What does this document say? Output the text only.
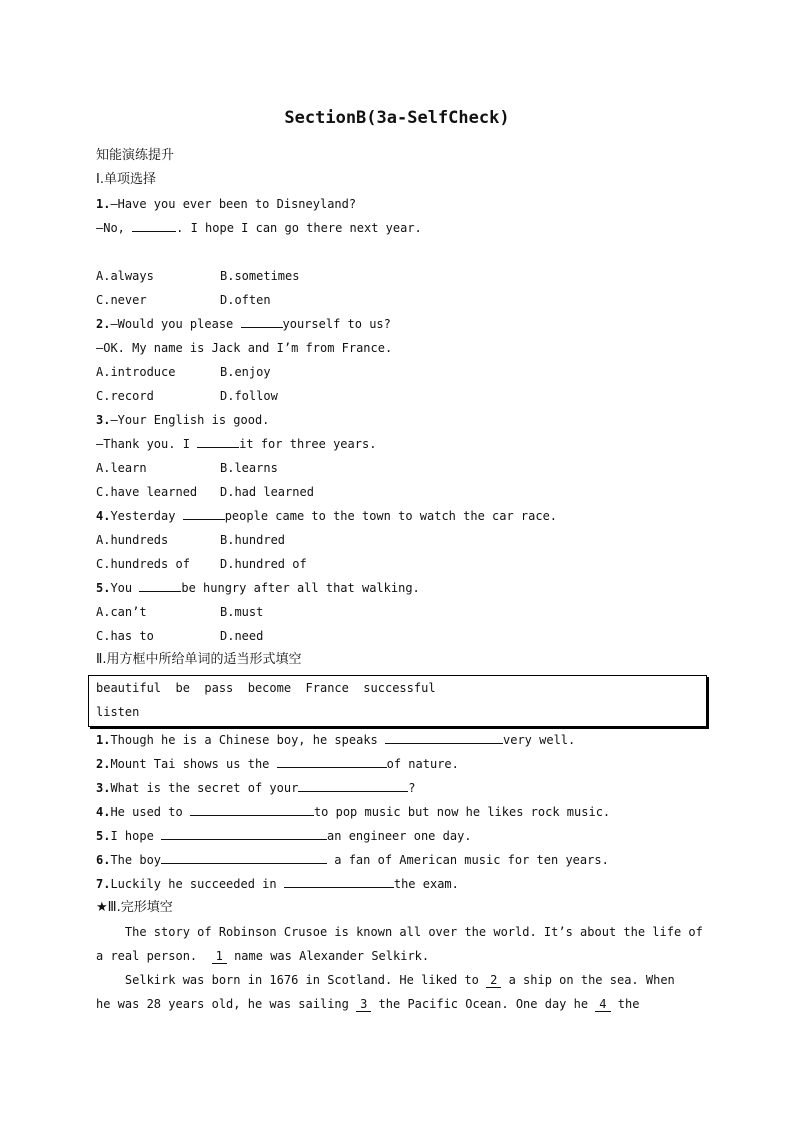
SectionB(3a-SelfCheck)
知能演练提升
Ⅰ.单项选择
1.—Have you ever been to Disneyland?
—No,	. I hope I can go there next year.
A.always	B.sometimes
C.never	D.often
2.—Would you please	yourself to us?
—OK. My name is Jack and I’m from France.
A.introduce	B.enjoy
C.record	D.follow
3.—Your English is good.
—Thank you. I	it for three years.
A.learn	B.learns
C.have learned D.had learned
4.Yesterday	people came to the town to watch the car race.
A.hundreds	B.hundred
C.hundreds of	D.hundred of
5.You	be hungry after all that walking.
A.can’t	B.must
C.has to	D.need
Ⅱ.用方框中所给单词的适当形式填空
beautiful  be  pass  become  France  successful
listen
1.Though he is a Chinese boy, he speaks	very well.
2.Mount Tai shows us the	of nature.
3.What is the secret of your	?
4.He used to	to pop music but now he likes rock music.
5.I hope	an engineer one day.
6.The boy	a fan of American music for ten years.
7.Luckily he succeeded in	the exam.
★Ⅲ.完形填空
The story of Robinson Crusoe is known all over the world. It’s about the life of
a real person. 1 name was Alexander Selkirk.
Selkirk was born in 1676 in Scotland. He liked to 2 a ship on the sea. When
he was 28 years old, he was sailing 3 the Pacific Ocean. One day he 4 the
